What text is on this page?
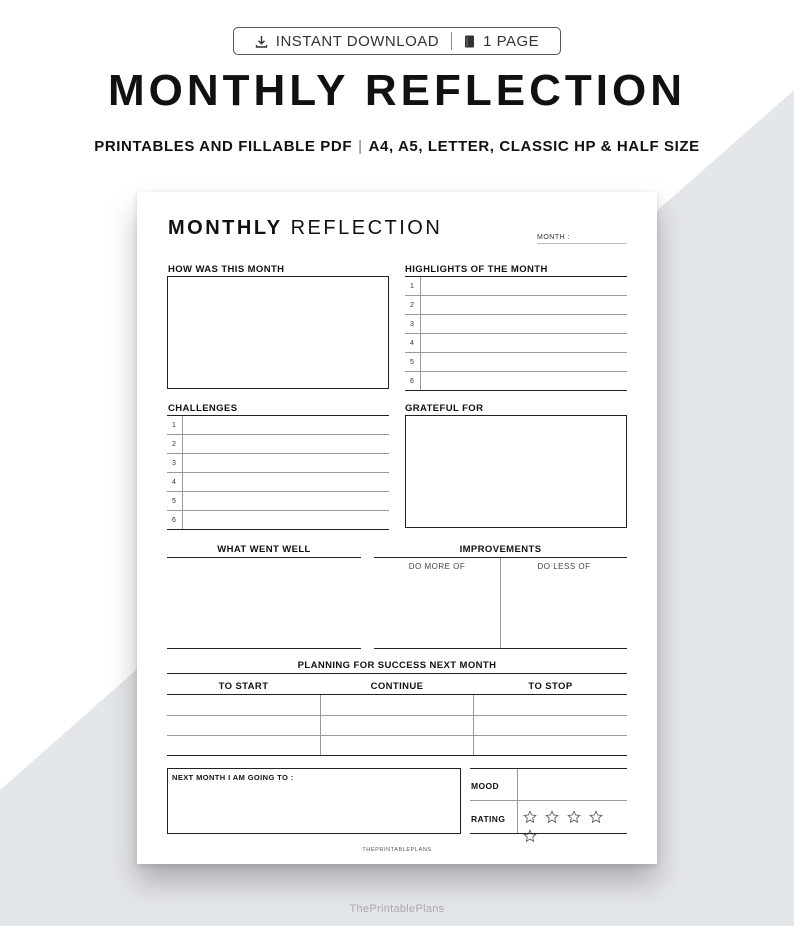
INSTANT DOWNLOAD	1 PAGE
MONTHLY REFLECTION
PRINTABLES AND FILLABLE PDF | A4, A5, LETTER, CLASSIC HP & HALF SIZE
MONTHLY REFLECTION	MONTH :
HOW WAS THIS MONTH	HIGHLIGHTS OF THE MONTH
1
2
3
4
5
6
CHALLENGES
1
2
3
4
5
6
GRATEFUL FOR
WHAT WENT WELL	IMPROVEMENTS
DO MORE OF	DO LESS OF
PLANNING FOR SUCCESS NEXT MONTH
TO START	CONTINUE	TO STOP
NEXT MONTH I AM GOING TO :
MOOD
RATING
THEPRINTABLEPLANS
ThePrintablePlans
